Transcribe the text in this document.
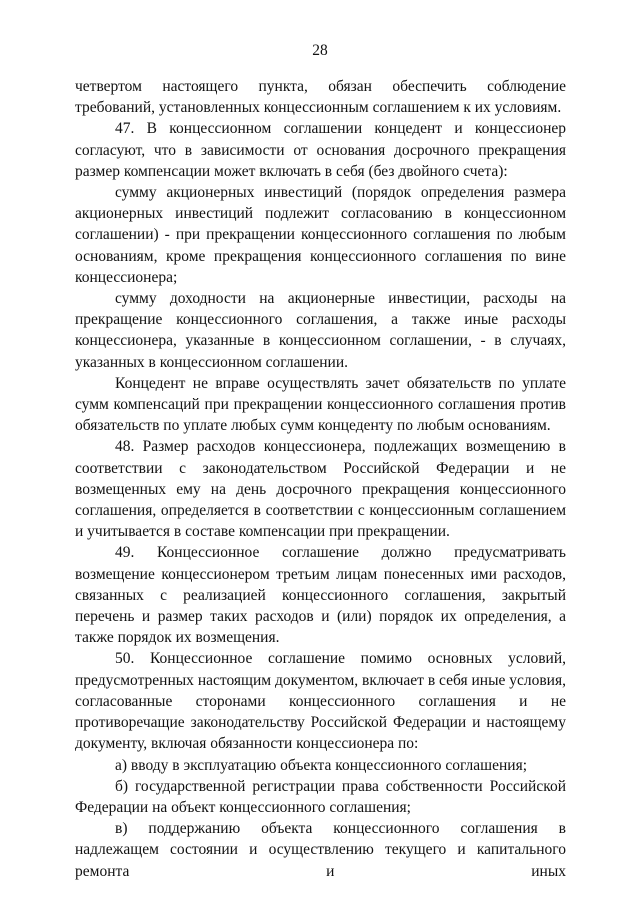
28

четвертом настоящего пункта, обязан обеспечить соблюдение требований, установленных концессионным соглашением к их условиям.

47. В концессионном соглашении концедент и концессионер согласуют, что в зависимости от основания досрочного прекращения размер компенсации может включать в себя (без двойного счета):

сумму акционерных инвестиций (порядок определения размера акционерных инвестиций подлежит согласованию в концессионном соглашении) - при прекращении концессионного соглашения по любым основаниям, кроме прекращения концессионного соглашения по вине концессионера;

сумму доходности на акционерные инвестиции, расходы на прекращение концессионного соглашения, а также иные расходы концессионера, указанные в концессионном соглашении, - в случаях, указанных в концессионном соглашении.

Концедент не вправе осуществлять зачет обязательств по уплате сумм компенсаций при прекращении концессионного соглашения против обязательств по уплате любых сумм концеденту по любым основаниям.

48. Размер расходов концессионера, подлежащих возмещению в соответствии с законодательством Российской Федерации и не возмещенных ему на день досрочного прекращения концессионного соглашения, определяется в соответствии с концессионным соглашением и учитывается в составе компенсации при прекращении.

49. Концессионное соглашение должно предусматривать возмещение концессионером третьим лицам понесенных ими расходов, связанных с реализацией концессионного соглашения, закрытый перечень и размер таких расходов и (или) порядок их определения, а также порядок их возмещения.

50. Концессионное соглашение помимо основных условий, предусмотренных настоящим документом, включает в себя иные условия, согласованные сторонами концессионного соглашения и не противоречащие законодательству Российской Федерации и настоящему документу, включая обязанности концессионера по:

а) вводу в эксплуатацию объекта концессионного соглашения;

б) государственной регистрации права собственности Российской Федерации на объект концессионного соглашения;

в) поддержанию объекта концессионного соглашения в надлежащем состоянии и осуществлению текущего и капитального ремонта и иных
